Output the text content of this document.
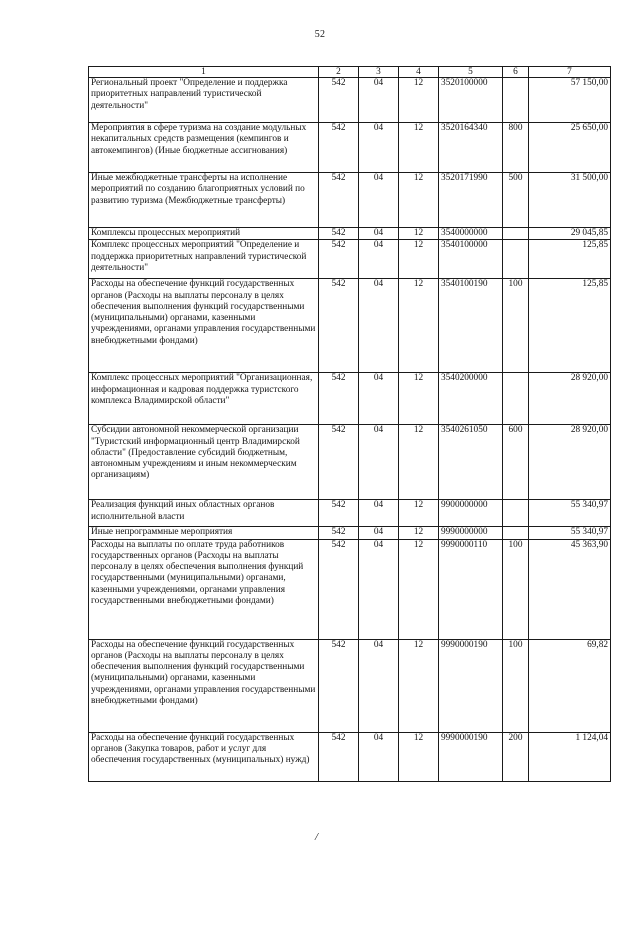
52
1	2	3	4	5	6	7
Региональный проект "Определение и поддержка приоритетных направлений туристической деятельности"	542	04	12	3520100000		57 150,00
Мероприятия в сфере туризма на создание модульных некапитальных средств размещения (кемпингов и автокемпингов) (Иные бюджетные ассигнования)	542	04	12	3520164340	800	25 650,00
Иные межбюджетные трансферты на исполнение мероприятий по созданию благоприятных условий по развитию туризма (Межбюджетные трансферты)	542	04	12	3520171990	500	31 500,00
Комплексы процессных мероприятий	542	04	12	3540000000		29 045,85
Комплекс процессных мероприятий "Определение и поддержка приоритетных направлений туристической деятельности"	542	04	12	3540100000		125,85
Расходы на обеспечение функций государственных органов (Расходы на выплаты персоналу в целях обеспечения выполнения функций государственными (муниципальными) органами, казенными учреждениями, органами управления государственными внебюджетными фондами)	542	04	12	3540100190	100	125,85
Комплекс процессных мероприятий "Организационная, информационная и кадровая поддержка туристского комплекса Владимирской области"	542	04	12	3540200000		28 920,00
Субсидии автономной некоммерческой организации "Туристский информационный центр Владимирской области" (Предоставление субсидий бюджетным, автономным учреждениям и иным некоммерческим организациям)	542	04	12	3540261050	600	28 920,00
Реализация функций иных областных органов исполнительной власти	542	04	12	9900000000		55 340,97
Иные непрограммные мероприятия	542	04	12	9990000000		55 340,97
Расходы на выплаты по оплате труда работников государственных органов (Расходы на выплаты персоналу в целях обеспечения выполнения функций государственными (муниципальными) органами, казенными учреждениями, органами управления государственными внебюджетными фондами)	542	04	12	9990000110	100	45 363,90
Расходы на обеспечение функций государственных органов (Расходы на выплаты персоналу в целях обеспечения выполнения функций государственными (муниципальными) органами, казенными учреждениями, органами управления государственными внебюджетными фондами)	542	04	12	9990000190	100	69,82
Расходы на обеспечение функций государственных органов (Закупка товаров, работ и услуг для обеспечения государственных (муниципальных) нужд)	542	04	12	9990000190	200	1 124,04
/
